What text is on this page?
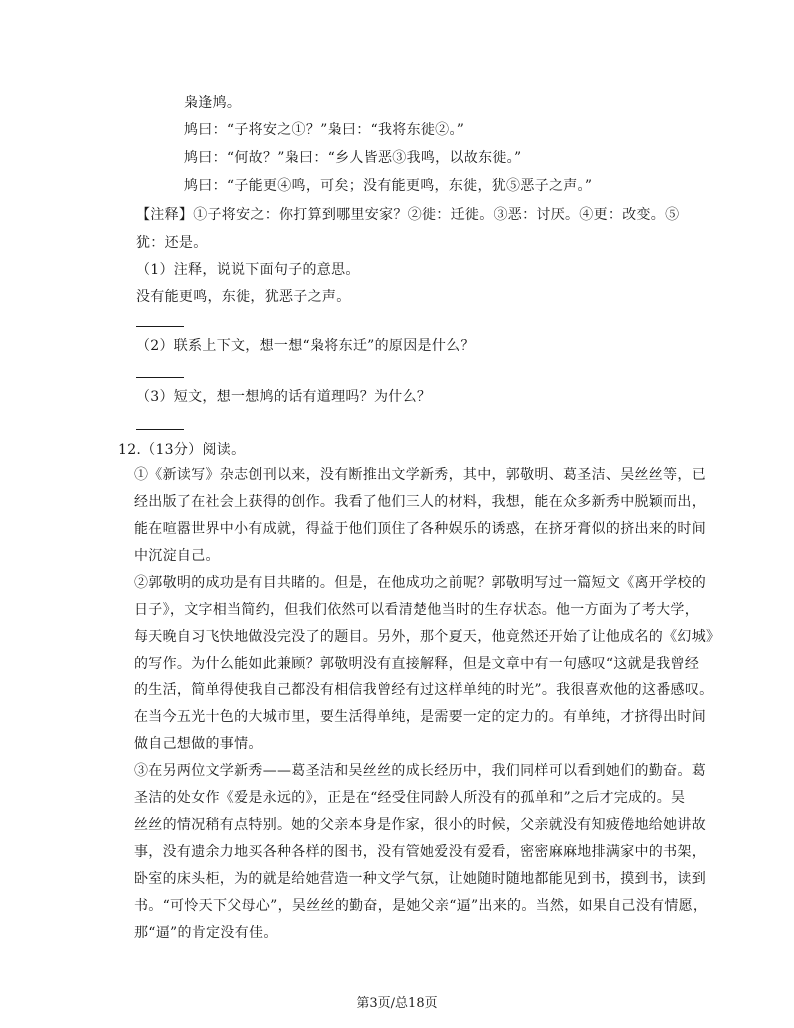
枭逢鸠。
鸠曰：“子将安之①？”枭曰：“我将东徙②。”
鸠曰：“何故？”枭曰：“乡人皆恶③我鸣，以故东徙。”
鸠曰：“子能更④鸣，可矣；没有能更鸣，东徙，犹⑤恶子之声。”
【注释】①子将安之：你打算到哪里安家？②徙：迁徙。③恶：讨厌。④更：改变。⑤
犹：还是。
（1）注释，说说下面句子的意思。
没有能更鸣，东徙，犹恶子之声。
（2）联系上下文，想一想“枭将东迁”的原因是什么？
（3）短文，想一想鸠的话有道理吗？为什么？
12.（13分）阅读。
①《新读写》杂志创刊以来，没有断推出文学新秀，其中，郭敬明、葛圣洁、吴丝丝等，已
经出版了在社会上获得的创作。我看了他们三人的材料，我想，能在众多新秀中脱颖而出，
能在喧嚣世界中小有成就，得益于他们顶住了各种娱乐的诱惑，在挤牙膏似的挤出来的时间
中沉淀自己。
②郭敬明的成功是有目共睹的。但是，在他成功之前呢？郭敬明写过一篇短文《离开学校的
日子》，文字相当简约，但我们依然可以看清楚他当时的生存状态。他一方面为了考大学，
每天晚自习飞快地做没完没了的题目。另外，那个夏天，他竟然还开始了让他成名的《幻城》
的写作。为什么能如此兼顾？郭敬明没有直接解释，但是文章中有一句感叹“这就是我曾经
的生活，简单得使我自己都没有相信我曾经有过这样单纯的时光”。我很喜欢他的这番感叹。
在当今五光十色的大城市里，要生活得单纯，是需要一定的定力的。有单纯，才挤得出时间
做自己想做的事情。
③在另两位文学新秀——葛圣洁和吴丝丝的成长经历中，我们同样可以看到她们的勤奋。葛
圣洁的处女作《爱是永远的》，正是在“经受住同龄人所没有的孤单和”之后才完成的。吴
丝丝的情况稍有点特别。她的父亲本身是作家，很小的时候，父亲就没有知疲倦地给她讲故
事，没有遗余力地买各种各样的图书，没有管她爱没有爱看，密密麻麻地排满家中的书架，
卧室的床头柜，为的就是给她营造一种文学气氛，让她随时随地都能见到书，摸到书，读到
书。“可怜天下父母心”，吴丝丝的勤奋，是她父亲“逼”出来的。当然，如果自己没有情愿，
那“逼”的肯定没有佳。
第3页/总18页
